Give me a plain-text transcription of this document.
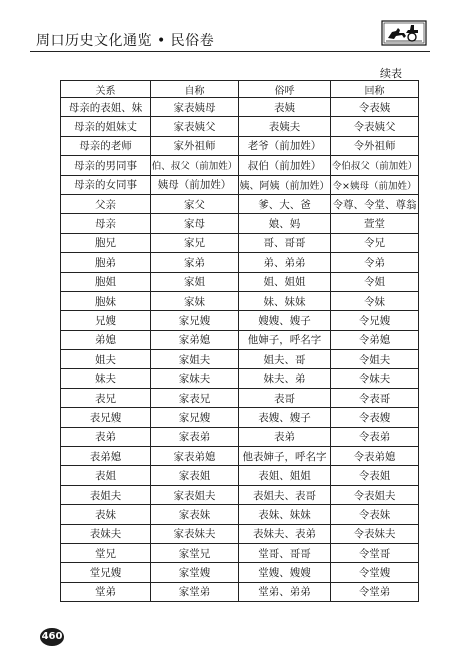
周口历史文化通览 • 民俗卷
续表
关系	自称	俗呼	回称
母亲的表姐、妹	家表姨母	表姨	令表姨
母亲的姐妹丈	家表姨父	表姨夫	令表姨父
母亲的老师	家外祖师	老爷（前加姓）	令外祖师
母亲的男同事	伯、叔父（前加姓）	叔伯（前加姓）	令伯叔父（前加姓）
母亲的女同事	姨母（前加姓）	姨、阿姨（前加姓）	令×姨母（前加姓）
父亲	家父	爹、大、爸	令尊、令堂、尊翁
母亲	家母	娘、妈	萱堂
胞兄	家兄	哥、哥哥	令兄
胞弟	家弟	弟、弟弟	令弟
胞姐	家姐	姐、姐姐	令姐
胞妹	家妹	妹、妹妹	令妹
兄嫂	家兄嫂	嫂嫂、嫂子	令兄嫂
弟媳	家弟媳	他婶子，呼名字	令弟媳
姐夫	家姐夫	姐夫、哥	令姐夫
妹夫	家妹夫	妹夫、弟	令妹夫
表兄	家表兄	表哥	令表哥
表兄嫂	家兄嫂	表嫂、嫂子	令表嫂
表弟	家表弟	表弟	令表弟
表弟媳	家表弟媳	他表婶子，呼名字	令表弟媳
表姐	家表姐	表姐、姐姐	令表姐
表姐夫	家表姐夫	表姐夫、表哥	令表姐夫
表妹	家表妹	表妹、妹妹	令表妹
表妹夫	家表妹夫	表妹夫、表弟	令表妹夫
堂兄	家堂兄	堂哥、哥哥	令堂哥
堂兄嫂	家堂嫂	堂嫂、嫂嫂	令堂嫂
堂弟	家堂弟	堂弟、弟弟	令堂弟
460
